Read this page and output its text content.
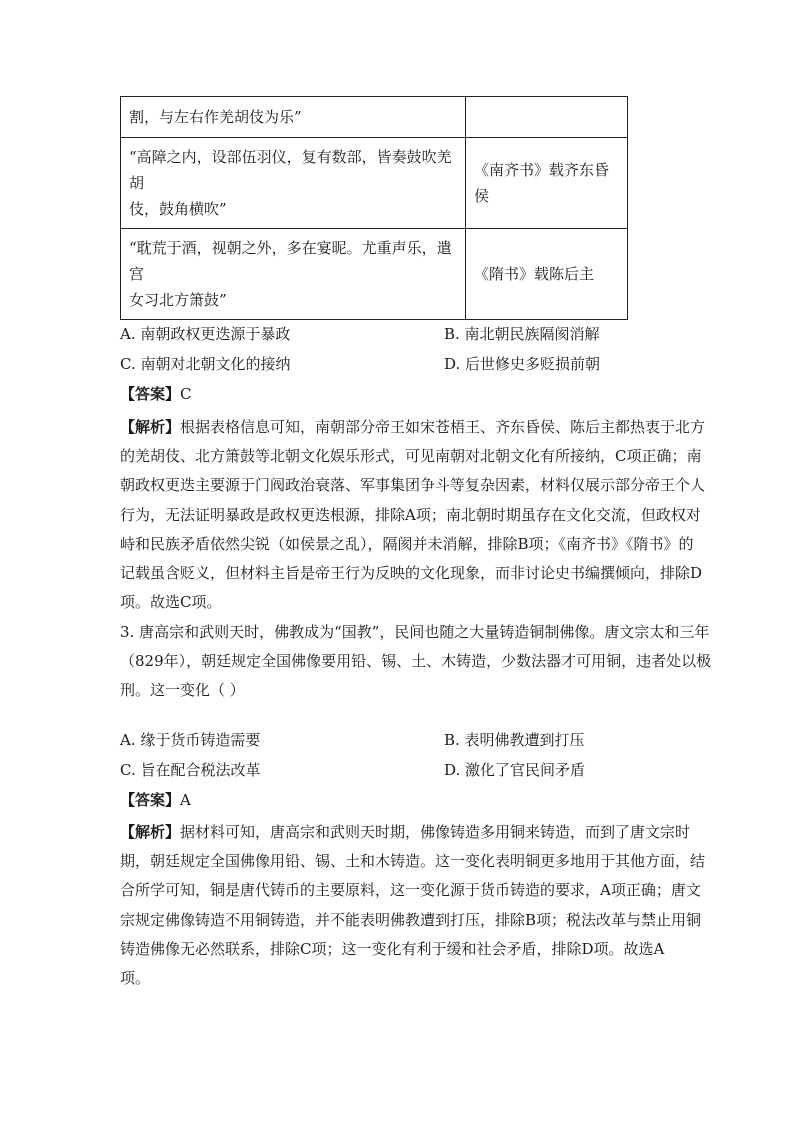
割，与左右作羌胡伎为乐”	

“高障之内，设部伍羽仪，复有数部，皆奏鼓吹羌胡
伎，鼓角横吹”	《南齐书》载齐东昏侯

“耽荒于酒，视朝之外，多在宴昵。尤重声乐，遣宫
女习北方箫鼓”	《隋书》载陈后主
A. 南朝政权更迭源于暴政	B. 南北朝民族隔阂消解
C. 南朝对北朝文化的接纳	D. 后世修史多贬损前朝
【答案】C
【解析】根据表格信息可知，南朝部分帝王如宋苍梧王、齐东昏侯、陈后主都热衷于北方
的羌胡伎、北方箫鼓等北朝文化娱乐形式，可见南朝对北朝文化有所接纳，C项正确；南
朝政权更迭主要源于门阀政治衰落、军事集团争斗等复杂因素，材料仅展示部分帝王个人
行为，无法证明暴政是政权更迭根源，排除A项；南北朝时期虽存在文化交流，但政权对
峙和民族矛盾依然尖锐（如侯景之乱），隔阂并未消解，排除B项；《南齐书》《隋书》的
记载虽含贬义，但材料主旨是帝王行为反映的文化现象，而非讨论史书编撰倾向，排除D
项。故选C项。
3. 唐高宗和武则天时，佛教成为“国教”，民间也随之大量铸造铜制佛像。唐文宗太和三年
（829年），朝廷规定全国佛像要用铅、锡、土、木铸造，少数法器才可用铜，违者处以极
刑。这一变化（ ）
A. 缘于货币铸造需要	B. 表明佛教遭到打压
C. 旨在配合税法改革	D. 激化了官民间矛盾
【答案】A
【解析】据材料可知，唐高宗和武则天时期，佛像铸造多用铜来铸造，而到了唐文宗时
期，朝廷规定全国佛像用铅、锡、土和木铸造。这一变化表明铜更多地用于其他方面，结
合所学可知，铜是唐代铸币的主要原料，这一变化源于货币铸造的要求，A项正确；唐文
宗规定佛像铸造不用铜铸造，并不能表明佛教遭到打压，排除B项；税法改革与禁止用铜
铸造佛像无必然联系，排除C项；这一变化有利于缓和社会矛盾，排除D项。故选A
项。
